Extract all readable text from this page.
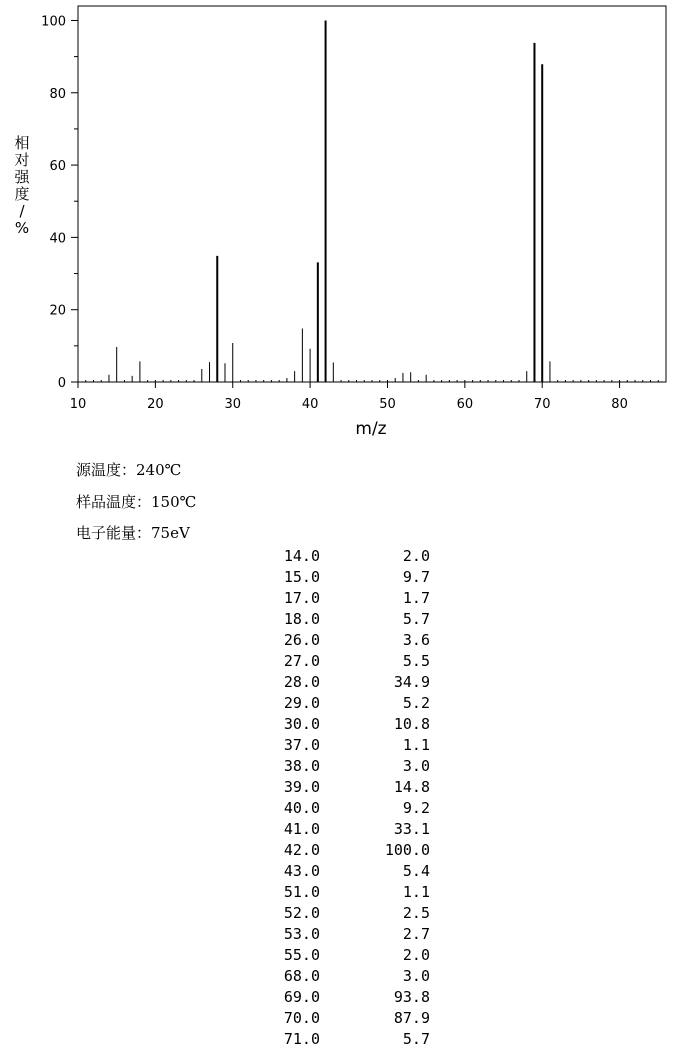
10	20	30	40	50	60	70	80
0
20
40
60
80
100
m/z
相对强度/ %
源温度：240℃
样品温度：150℃
电子能量：75eV
14.0	2.0
15.0	9.7
17.0	1.7
18.0	5.7
26.0	3.6
27.0	5.5
28.0	34.9
29.0	5.2
30.0	10.8
37.0	1.1
38.0	3.0
39.0	14.8
40.0	9.2
41.0	33.1
42.0	100.0
43.0	5.4
51.0	1.1
52.0	2.5
53.0	2.7
55.0	2.0
68.0	3.0
69.0	93.8
70.0	87.9
71.0	5.7
